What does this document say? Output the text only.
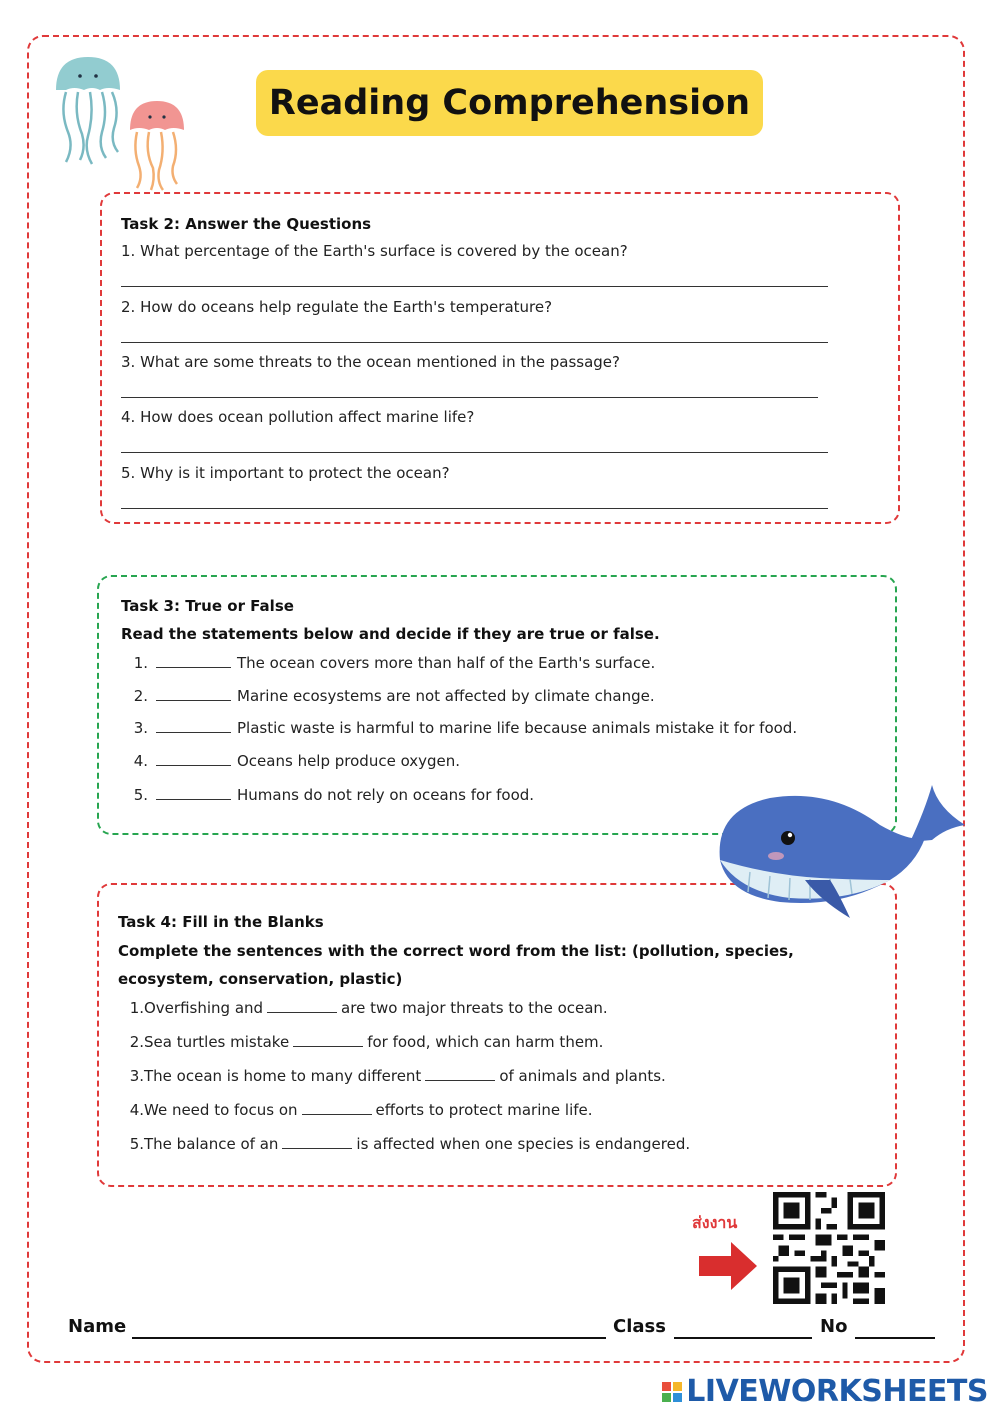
Reading Comprehension
Task 2: Answer the Questions
1. What percentage of the Earth's surface is covered by the ocean?
2. How do oceans help regulate the Earth's temperature?
3. What are some threats to the ocean mentioned in the passage?
4. How does ocean pollution affect marine life?
5. Why is it important to protect the ocean?
Task 3: True or False
Read the statements below and decide if they are true or false.
1.	The ocean covers more than half of the Earth's surface.
2.	Marine ecosystems are not affected by climate change.
3.	Plastic waste is harmful to marine life because animals mistake it for food.
4.	Oceans help produce oxygen.
5.	Humans do not rely on oceans for food.
Task 4: Fill in the Blanks
Complete the sentences with the correct word from the list: (pollution, species,
ecosystem, conservation, plastic)
1.Overfishing and	are two major threats to the ocean.
2.Sea turtles mistake	for food, which can harm them.
3.The ocean is home to many different	of animals and plants.
4.We need to focus on	efforts to protect marine life.
5.The balance of an	is affected when one species is endangered.
ส่งงาน
Name	Class	No
LIVEWORKSHEETS
